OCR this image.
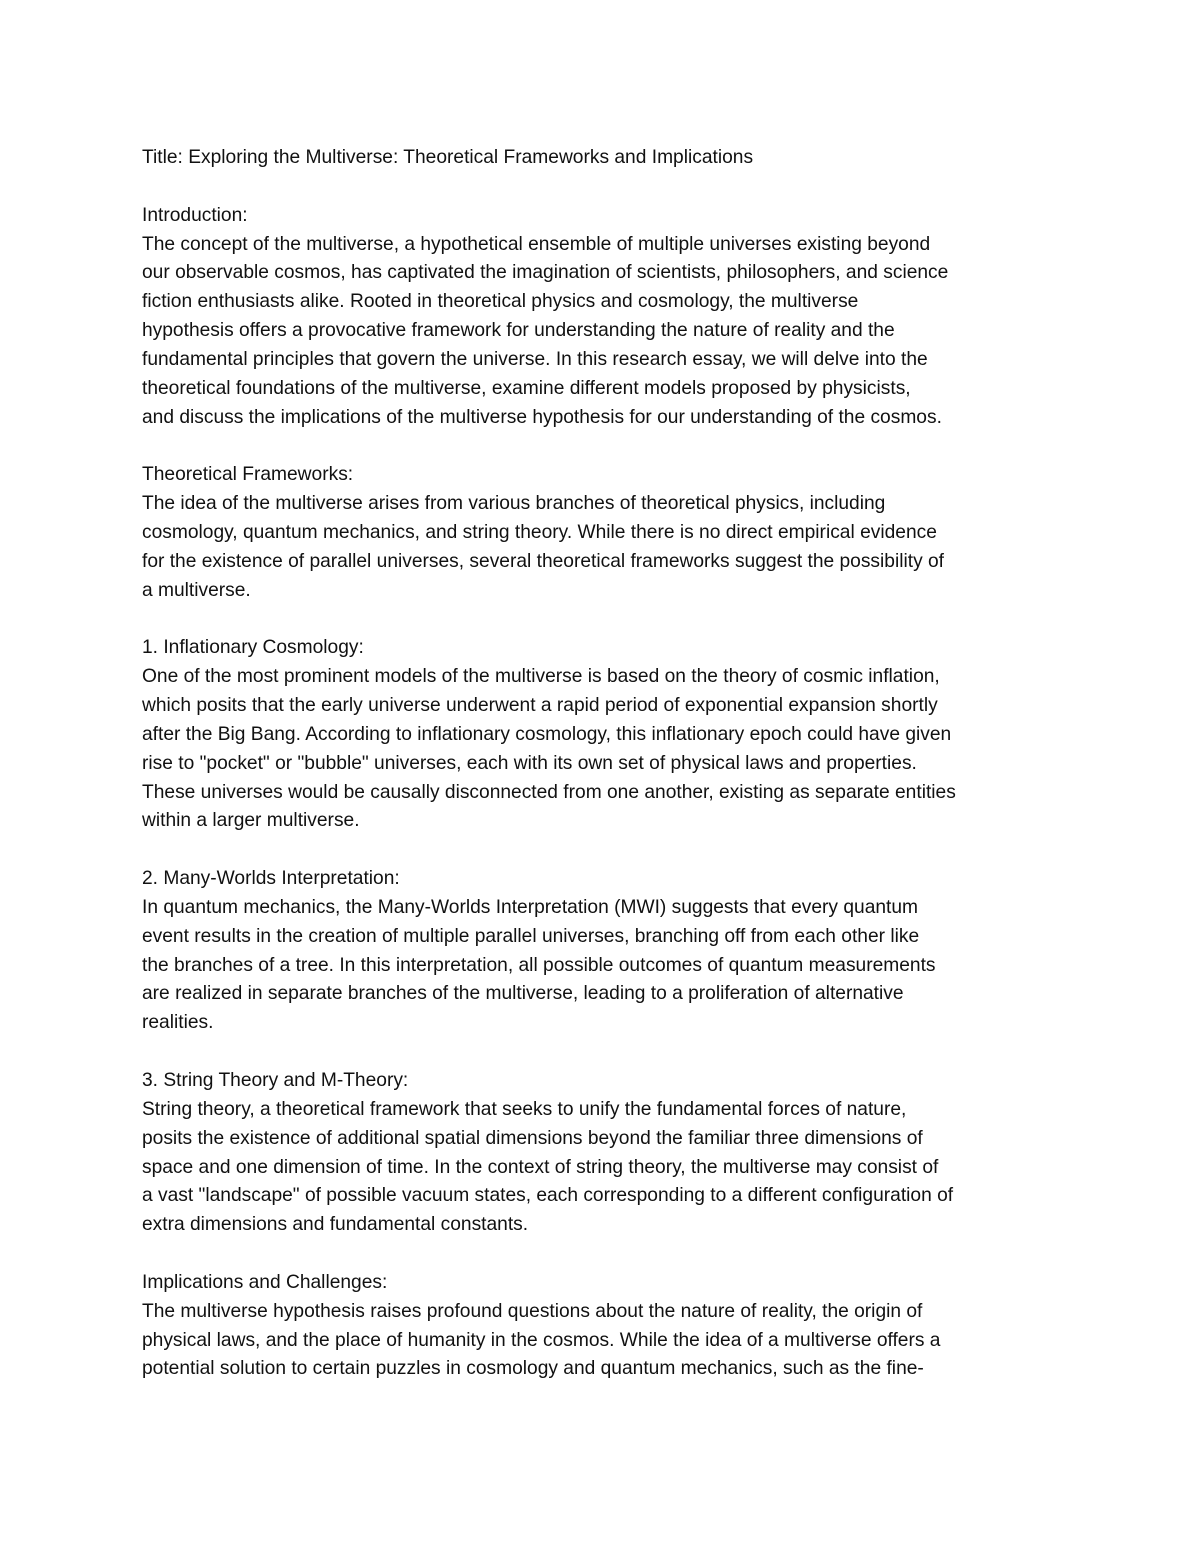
Title: Exploring the Multiverse: Theoretical Frameworks and Implications
Introduction:
The concept of the multiverse, a hypothetical ensemble of multiple universes existing beyond
our observable cosmos, has captivated the imagination of scientists, philosophers, and science
fiction enthusiasts alike. Rooted in theoretical physics and cosmology, the multiverse
hypothesis offers a provocative framework for understanding the nature of reality and the
fundamental principles that govern the universe. In this research essay, we will delve into the
theoretical foundations of the multiverse, examine different models proposed by physicists,
and discuss the implications of the multiverse hypothesis for our understanding of the cosmos.
Theoretical Frameworks:
The idea of the multiverse arises from various branches of theoretical physics, including
cosmology, quantum mechanics, and string theory. While there is no direct empirical evidence
for the existence of parallel universes, several theoretical frameworks suggest the possibility of
a multiverse.
1. Inflationary Cosmology:
One of the most prominent models of the multiverse is based on the theory of cosmic inflation,
which posits that the early universe underwent a rapid period of exponential expansion shortly
after the Big Bang. According to inflationary cosmology, this inflationary epoch could have given
rise to "pocket" or "bubble" universes, each with its own set of physical laws and properties.
These universes would be causally disconnected from one another, existing as separate entities
within a larger multiverse.
2. Many-Worlds Interpretation:
In quantum mechanics, the Many-Worlds Interpretation (MWI) suggests that every quantum
event results in the creation of multiple parallel universes, branching off from each other like
the branches of a tree. In this interpretation, all possible outcomes of quantum measurements
are realized in separate branches of the multiverse, leading to a proliferation of alternative
realities.
3. String Theory and M-Theory:
String theory, a theoretical framework that seeks to unify the fundamental forces of nature,
posits the existence of additional spatial dimensions beyond the familiar three dimensions of
space and one dimension of time. In the context of string theory, the multiverse may consist of
a vast "landscape" of possible vacuum states, each corresponding to a different configuration of
extra dimensions and fundamental constants.
Implications and Challenges:
The multiverse hypothesis raises profound questions about the nature of reality, the origin of
physical laws, and the place of humanity in the cosmos. While the idea of a multiverse offers a
potential solution to certain puzzles in cosmology and quantum mechanics, such as the fine-
